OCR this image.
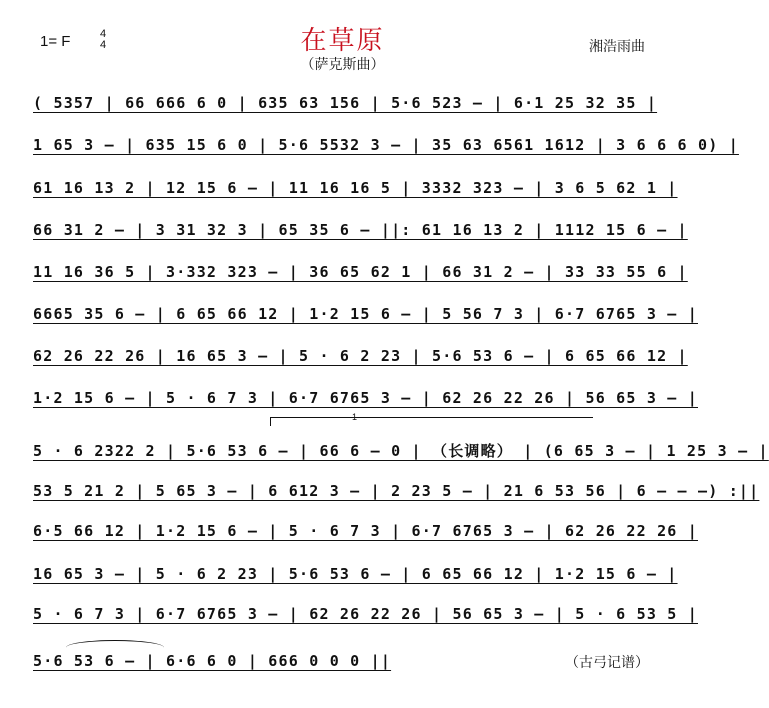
1= F	4
4	在草原
（萨克斯曲）
湘浩雨曲
( 5357 | 66 666 6 0 | 635 63 156 | 5·6 523 – | 6·1 25 32 35 |
1 65 3 – | 635 15 6 0 | 5·6 5532 3 – | 35 63 6561 1612 | 3 6 6 6 0) |
61 16 13 2 | 12 15 6 – | 11 16 16 5 | 3332 323 – | 3 6 5 62 1 |
66 31 2 – | 3 31 32 3 | 65 35 6 – ||: 61 16 13 2 | 1112 15 6 – |
11 16 36 5 | 3·332 323 – | 36 65 62 1 | 66 31 2 – | 33 33 55 6 |
6665 35 6 – | 6 65 66 12 | 1·2 15 6 – | 5 56 7 3 | 6·7 6765 3 – |
62 26 22 26 | 16 65 3 – | 5 · 6 2 23 | 5·6 53 6 – | 6 65 66 12 |
1·2 15 6 – | 5 · 6 7 3 | 6·7 6765 3 – | 62 26 22 26 | 56 65 3 – |
5 · 6 2322 2 | 5·6 53 6 – | 66 6 – 0 | （长调略） | (6 65 3 – | 1 25 3 – |
53 5 21 2 | 5 65 3 – | 6 612 3 – | 2 23 5 – | 21 6 53 56 | 6 – – –) :||
6·5 66 12 | 1·2 15 6 – | 5 · 6 7 3 | 6·7 6765 3 – | 62 26 22 26 |
16 65 3 – | 5 · 6 2 23 | 5·6 53 6 – | 6 65 66 12 | 1·2 15 6 – |
5 · 6 7 3 | 6·7 6765 3 – | 62 26 22 26 | 56 65 3 – | 5 · 6 53 5 |
5·6 53 6 – | 6·6 6 0 | 666 0 0 0 ||
1
（古弓记谱）
